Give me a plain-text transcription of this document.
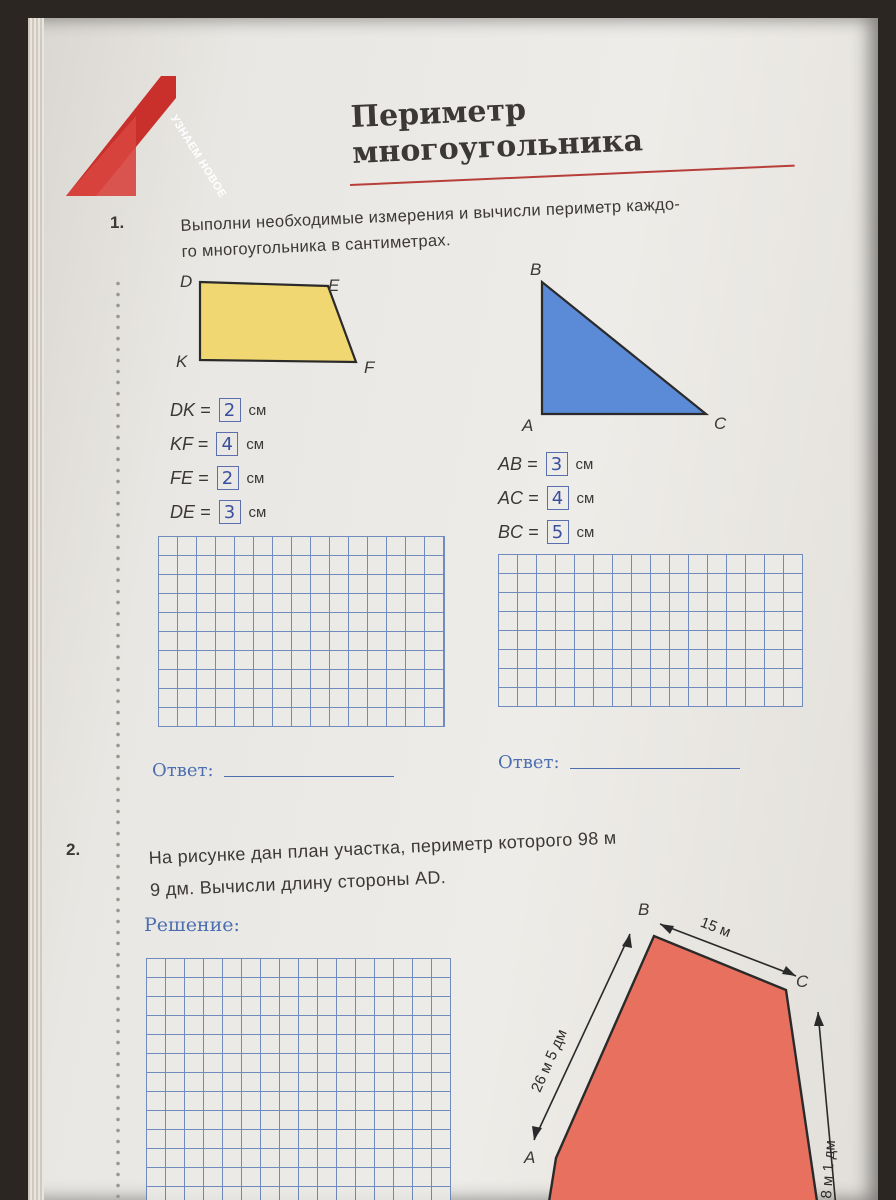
УЗНАЕМ НОВОЕ	Периметр
многоугольника
1.	Выполни необходимые измерения и вычисли периметр каждо-
го многоугольника в сантиметрах.
D	E
K	F
DK = 2 см
KF = 4 см
FE = 2 см
DE = 3 см
B
A	C
AB = 3 см
AC = 4 см
BC = 5 см
Ответ:	Ответ:
2.	На рисунке дан план участка, периметр которого 98 м
9 дм. Вычисли длину стороны AD.
Решение:
B
C
A
26 м 5 дм
15 м
8 м 1 дм
